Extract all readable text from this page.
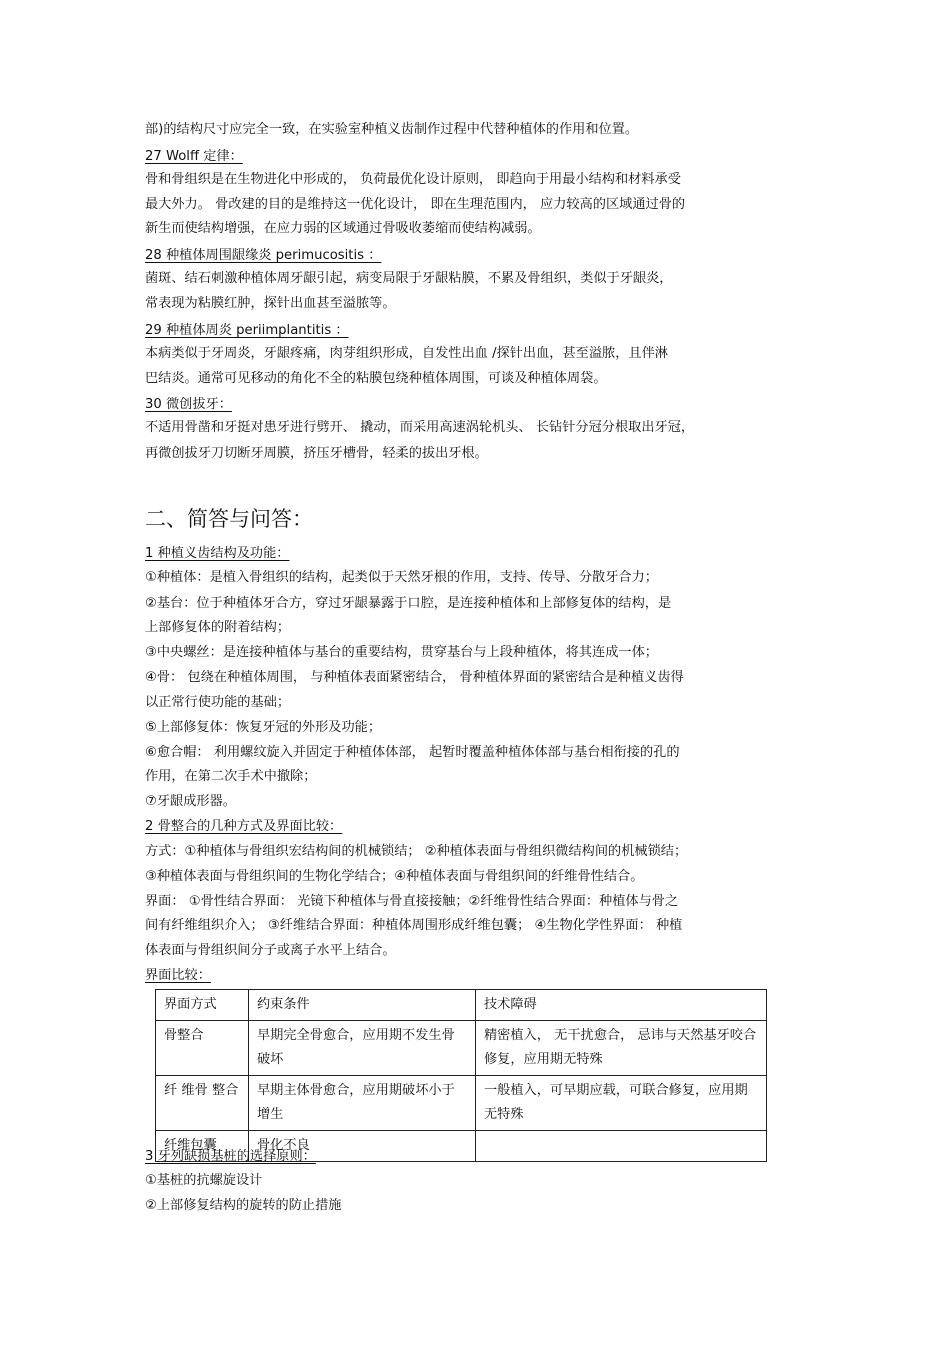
部)的结构尺寸应完全一致，在实验室种植义齿制作过程中代替种植体的作用和位置。
27 Wolff 定律：
骨和骨组织是在生物进化中形成的， 负荷最优化设计原则， 即趋向于用最小结构和材料承受
最大外力。 骨改建的目的是维持这一优化设计， 即在生理范围内， 应力较高的区域通过骨的
新生而使结构增强，在应力弱的区域通过骨吸收萎缩而使结构减弱。
28 种植体周围龈缘炎 perimucositis ：
菌斑、结石刺激种植体周牙龈引起，病变局限于牙龈粘膜，不累及骨组织，类似于牙龈炎，
常表现为粘膜红肿，探针出血甚至溢脓等。
29 种植体周炎 periimplantitis ：
本病类似于牙周炎，牙龈疼痛，肉芽组织形成，自发性出血 /探针出血，甚至溢脓，且伴淋
巴结炎。通常可见移动的角化不全的粘膜包绕种植体周围，可谈及种植体周袋。
30 微创拔牙：
不适用骨凿和牙挺对患牙进行劈开、 撬动，而采用高速涡轮机头、 长钻针分冠分根取出牙冠，
再微创拔牙刀切断牙周膜，挤压牙槽骨，轻柔的拔出牙根。
二、简答与问答：
1 种植义齿结构及功能：
①种植体：是植入骨组织的结构，起类似于天然牙根的作用，支持、传导、分散牙合力；
②基台：位于种植体牙合方，穿过牙龈暴露于口腔，是连接种植体和上部修复体的结构，是
上部修复体的附着结构；
③中央螺丝：是连接种植体与基台的重要结构，贯穿基台与上段种植体，将其连成一体；
④骨： 包绕在种植体周围， 与种植体表面紧密结合， 骨种植体界面的紧密结合是种植义齿得
以正常行使功能的基础；
⑤上部修复体：恢复牙冠的外形及功能；
⑥愈合帽： 利用螺纹旋入并固定于种植体体部， 起暂时覆盖种植体体部与基台相衔接的孔的
作用，在第二次手术中撤除；
⑦牙龈成形器。
2 骨整合的几种方式及界面比较：
方式：①种植体与骨组织宏结构间的机械锁结； ②种植体表面与骨组织微结构间的机械锁结；
③种植体表面与骨组织间的生物化学结合；④种植体表面与骨组织间的纤维骨性结合。
界面： ①骨性结合界面： 光镜下种植体与骨直接接触；②纤维骨性结合界面：种植体与骨之
间有纤维组织介入； ③纤维结合界面：种植体周围形成纤维包囊； ④生物化学性界面： 种植
体表面与骨组织间分子或离子水平上结合。
界面比较：
界面方式	约束条件	技术障碍
骨整合	早期完全骨愈合，应用期不发生骨破坏	精密植入， 无干扰愈合， 忌讳与天然基牙咬合修复，应用期无特殊
纤 维骨 整合	早期主体骨愈合，应用期破坏小于增生	一般植入，可早期应载，可联合修复，应用期无特殊
纤维包囊	骨化不良	
3 牙列缺损基桩的选择原则：
①基桩的抗螺旋设计
②上部修复结构的旋转的防止措施
